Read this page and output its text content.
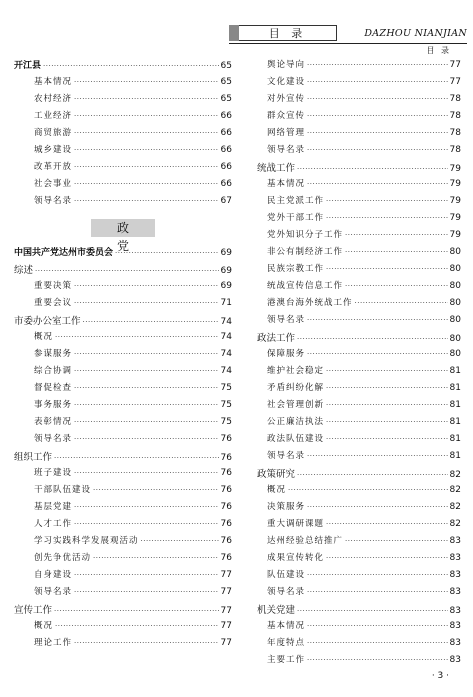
目 录	DAZHOU NIANJIAN
目 录
开江县 ·····	65
基本情况 ·····	65
农村经济 ·····	65
工业经济 ·····	66
商贸旅游 ·····	66
城乡建设 ·····	66
改革开放 ·····	66
社会事业 ·····	66
领导名录 ·····	67
政党
中国共产党达州市委员会 ·····	69
综述 ·····	69
重要决策 ·····	69
重要会议 ·····	71
市委办公室工作 ·····	74
概况 ·····	74
参谋服务 ·····	74
综合协调 ·····	74
督促检查 ·····	75
事务服务 ·····	75
表彰情况 ·····	75
领导名录 ·····	76
组织工作 ·····	76
班子建设 ·····	76
干部队伍建设 ·····	76
基层党建 ·····	76
人才工作 ·····	76
学习实践科学发展观活动 ·····	76
创先争优活动 ·····	76
自身建设 ·····	77
领导名录 ·····	77
宣传工作 ·····	77
概况 ·····	77
理论工作 ·····	77
舆论导向 ·····	77
文化建设 ·····	77
对外宣传 ·····	78
群众宣传 ·····	78
网络管理 ·····	78
领导名录 ·····	78
统战工作 ·····	79
基本情况 ·····	79
民主党派工作 ·····	79
党外干部工作 ·····	79
党外知识分子工作 ·····	79
非公有制经济工作 ·····	80
民族宗教工作 ·····	80
统战宣传信息工作 ·····	80
港澳台海外统战工作 ·····	80
领导名录 ·····	80
政法工作 ·····	80
保障服务 ·····	80
维护社会稳定 ·····	81
矛盾纠纷化解 ·····	81
社会管理创新 ·····	81
公正廉洁执法 ·····	81
政法队伍建设 ·····	81
领导名录 ·····	81
政策研究 ·····	82
概况 ·····	82
决策服务 ·····	82
重大调研课题 ·····	82
达州经验总结推广 ·····	83
成果宣传转化 ·····	83
队伍建设 ·····	83
领导名录 ·····	83
机关党建 ·····	83
基本情况 ·····	83
年度特点 ·····	83
主要工作 ·····	83
· 3 ·
